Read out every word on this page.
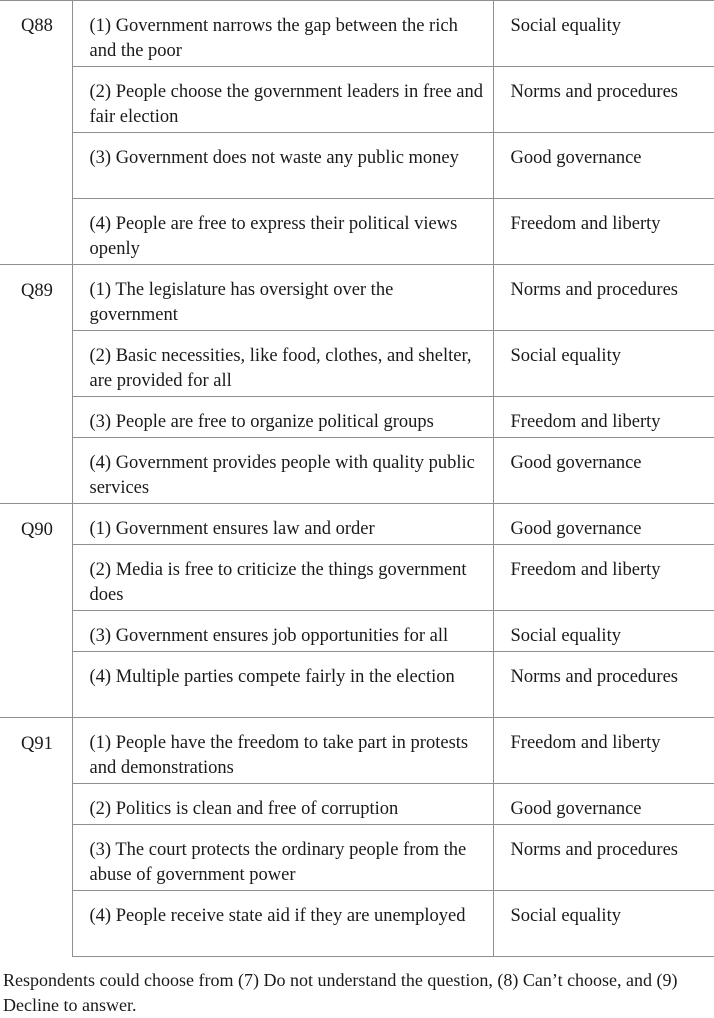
Q88	(1) Government narrows the gap between the rich and the poor	Social equality
	(2) People choose the government leaders in free and fair election	Norms and procedures
	(3) Government does not waste any public money	Good governance
	(4) People are free to express their political views openly	Freedom and liberty
Q89	(1) The legislature has oversight over the government	Norms and procedures
	(2) Basic necessities, like food, clothes, and shelter, are provided for all	Social equality
	(3) People are free to organize political groups	Freedom and liberty
	(4) Government provides people with quality public services	Good governance
Q90	(1) Government ensures law and order	Good governance
	(2) Media is free to criticize the things government does	Freedom and liberty
	(3) Government ensures job opportunities for all	Social equality
	(4) Multiple parties compete fairly in the election	Norms and procedures
Q91	(1) People have the freedom to take part in protests and demonstrations	Freedom and liberty
	(2) Politics is clean and free of corruption	Good governance
	(3) The court protects the ordinary people from the abuse of government power	Norms and procedures
	(4) People receive state aid if they are unemployed	Social equality
Respondents could choose from (7) Do not understand the question, (8) Can’t choose, and (9) Decline to answer.
